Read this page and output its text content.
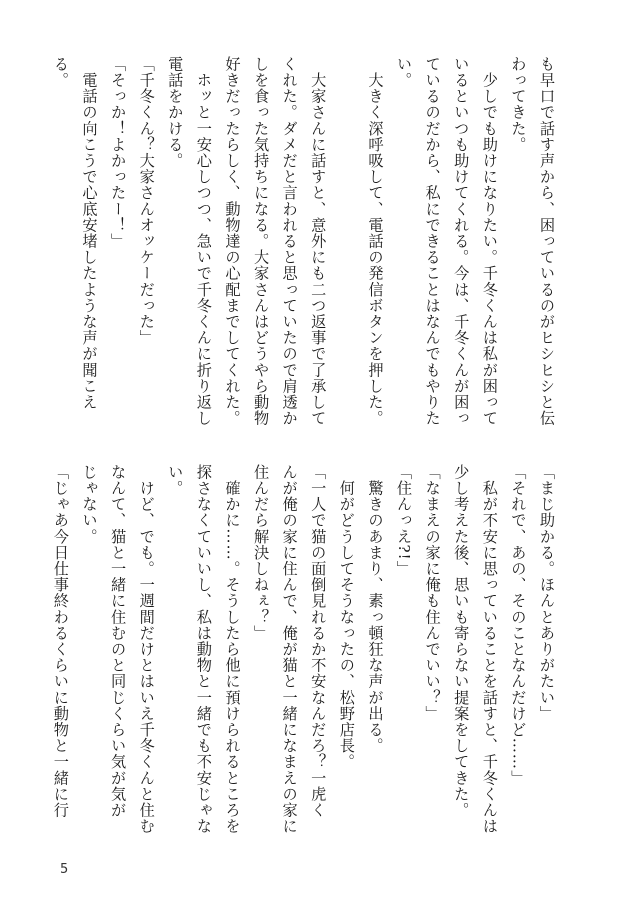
も早口で話す声から、困っているのがヒシヒシと伝
わってきた。
　少しでも助けになりたい。千冬くんは私が困って
いるといつも助けてくれる。今は、千冬くんが困っ
ているのだから、私にできることはなんでもやりた
い。
　大きく深呼吸して、電話の発信ボタンを押した。

　大家さんに話すと、意外にも二つ返事で了承して
くれた。ダメだと言われると思っていたので肩透か
しを食った気持ちになる。大家さんはどうやら動物
好きだったらしく、動物達の心配までしてくれた。
　ホッと一安心しつつ、急いで千冬くんに折り返し
電話をかける。
「千冬くん？大家さんオッケーだった」
「そっか！よかったー！」
　電話の向こうで心底安堵したような声が聞こえ
る。
「まじ助かる。ほんとありがたい」
「それで、あの、そのことなんだけど……」
　私が不安に思っていることを話すと、千冬くんは
少し考えた後、思いも寄らない提案をしてきた。
「なまえの家に俺も住んでいい？」
「住んっえ?!」
　驚きのあまり、素っ頓狂な声が出る。
　何がどうしてそうなったの、松野店長。
「一人で猫の面倒見れるか不安なんだろ？一虎く
んが俺の家に住んで、俺が猫と一緒になまえの家に
住んだら解決しねぇ？」
　確かに……。そうしたら他に預けられるところを
探さなくていいし、私は動物と一緒でも不安じゃな
い。
　けど、でも。一週間だけとはいえ千冬くんと住む
なんて、猫と一緒に住むのと同じくらい気が気が
じゃない。
「じゃあ今日仕事終わるくらいに動物と一緒に行
5
